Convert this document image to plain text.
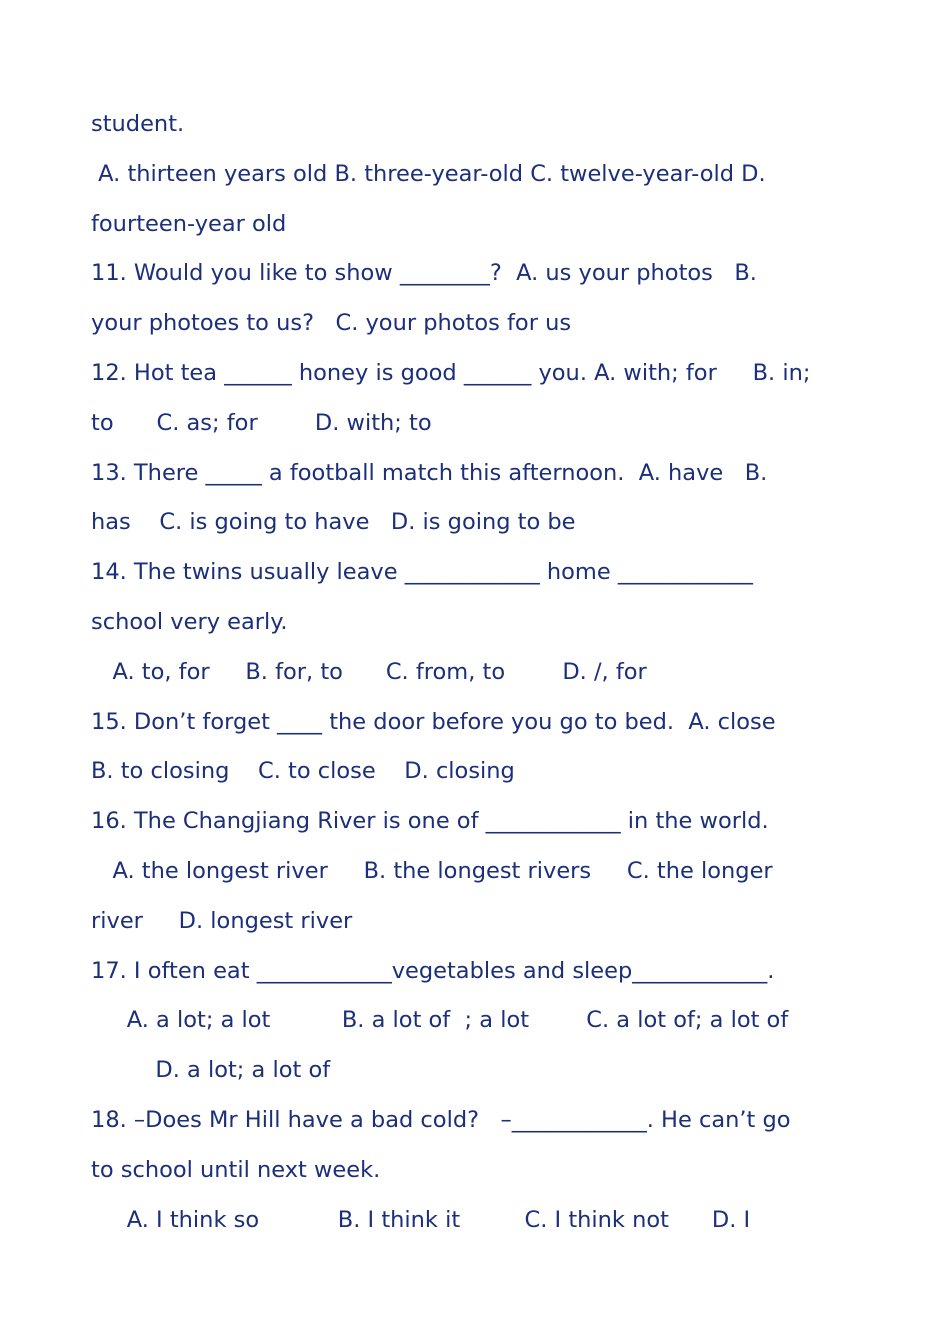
student.
A. thirteen years old B. three-year-old C. twelve-year-old D.
fourteen-year old
11. Would you like to show ________?  A. us your photos   B.
your photoes to us?   C. your photos for us
12. Hot tea ______ honey is good ______ you. A. with; for     B. in;
to      C. as; for        D. with; to
13. There _____ a football match this afternoon.  A. have   B.
has    C. is going to have   D. is going to be
14. The twins usually leave ____________ home ____________
school very early.
A. to, for     B. for, to      C. from, to        D. /, for
15. Don’t forget ____ the door before you go to bed.  A. close
B. to closing    C. to close    D. closing
16. The Changjiang River is one of ____________ in the world.
A. the longest river     B. the longest rivers     C. the longer
river     D. longest river
17. I often eat ____________vegetables and sleep____________.
A. a lot; a lot          B. a lot of  ; a lot        C. a lot of; a lot of
D. a lot; a lot of
18. –Does Mr Hill have a bad cold?   –____________. He can’t go
to school until next week.
A. I think so           B. I think it         C. I think not      D. I
